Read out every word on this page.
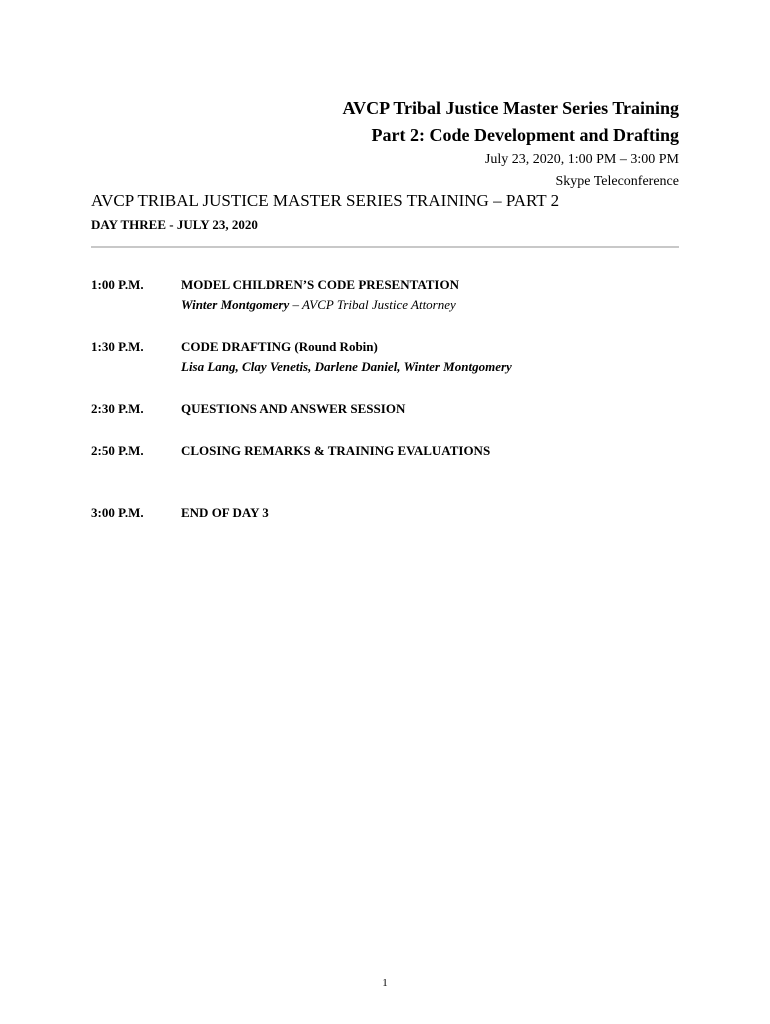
AVCP Tribal Justice Master Series Training
Part 2: Code Development and Drafting
July 23, 2020, 1:00 PM – 3:00 PM
Skype Teleconference
AVCP TRIBAL JUSTICE MASTER SERIES TRAINING – PART 2
DAY THREE - JULY 23, 2020
1:00 P.M.	MODEL CHILDREN’S CODE PRESENTATION
Winter Montgomery – AVCP Tribal Justice Attorney
1:30 P.M.	CODE DRAFTING (Round Robin)
Lisa Lang, Clay Venetis, Darlene Daniel, Winter Montgomery
2:30 P.M.	QUESTIONS AND ANSWER SESSION
2:50 P.M.	CLOSING REMARKS & TRAINING EVALUATIONS
3:00 P.M.	END OF DAY 3
1
